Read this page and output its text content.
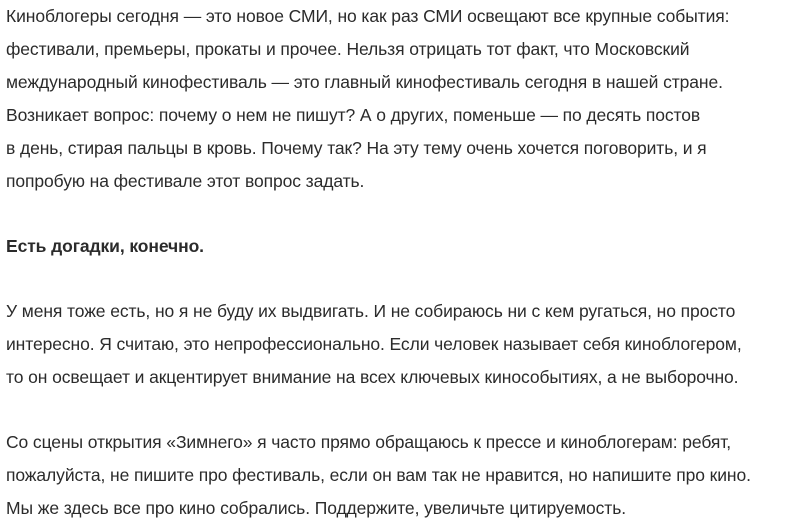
Киноблогеры сегодня — это новое СМИ, но как раз СМИ освещают все крупные события:
фестивали, премьеры, прокаты и прочее. Нельзя отрицать тот факт, что Московский
международный кинофестиваль — это главный кинофестиваль сегодня в нашей стране.
Возникает вопрос: почему о нем не пишут? А о других, поменьше — по десять постов
в день, стирая пальцы в кровь. Почему так? На эту тему очень хочется поговорить, и я
попробую на фестивале этот вопрос задать.
Есть догадки, конечно.
У меня тоже есть, но я не буду их выдвигать. И не собираюсь ни с кем ругаться, но просто
интересно. Я считаю, это непрофессионально. Если человек называет себя киноблогером,
то он освещает и акцентирует внимание на всех ключевых кинособытиях, а не выборочно.
Со сцены открытия «Зимнего» я часто прямо обращаюсь к прессе и киноблогерам: ребят,
пожалуйста, не пишите про фестиваль, если он вам так не нравится, но напишите про кино.
Мы же здесь все про кино собрались. Поддержите, увеличьте цитируемость.
